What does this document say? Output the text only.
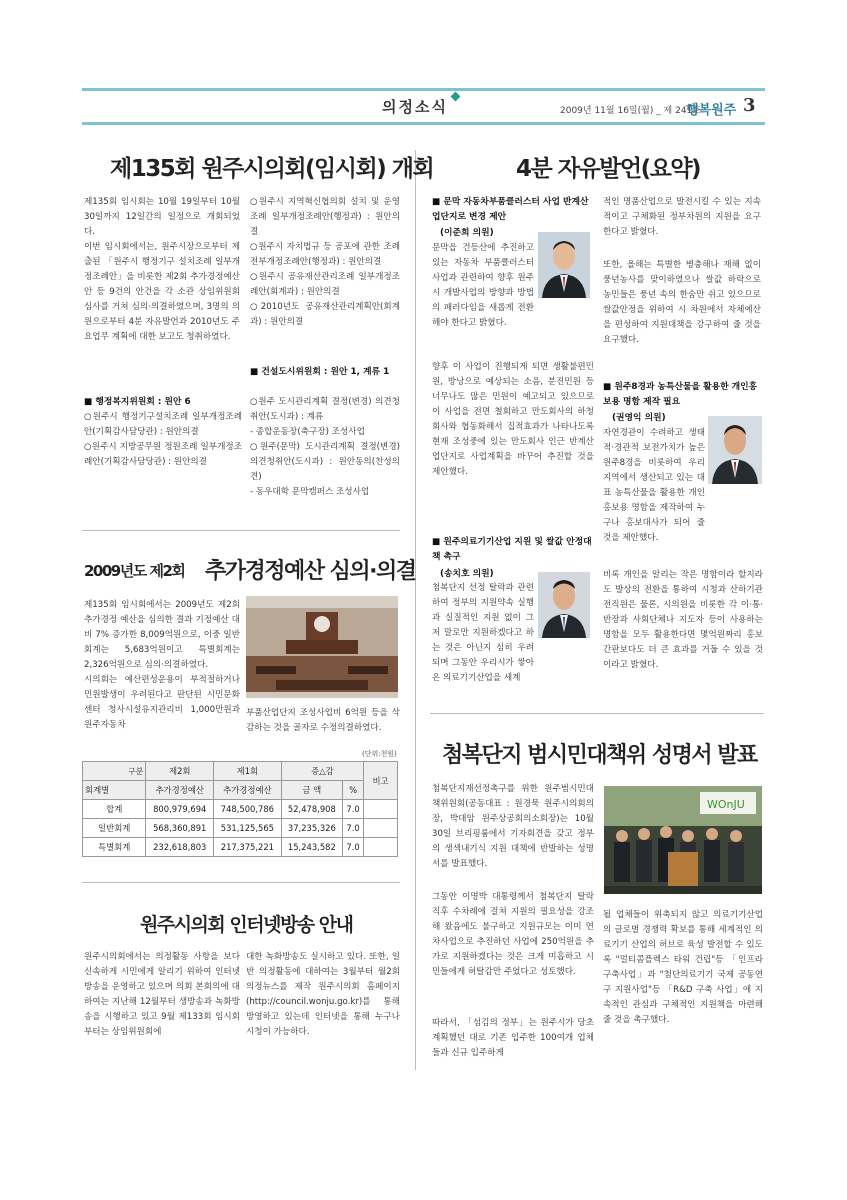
의정소식	2009년 11월 16일(월) _ 제 241호
행복원주 3
제135회 원주시의회(임시회) 개회

제135회 임시회는 10월 19일부터 10월 30일까지 12일간의 일정으로 개회되었다.

이번 임시회에서는, 원주시장으로부터 제출된 「원주시 행정기구 설치조례 일부개정조례안」을 비롯한 제2회 추가경정예산안 등 9건의 안건을 각 소관 상임위원회 심사를 거쳐 심의·의결하였으며, 3명의 의원으로부터 4분 자유발언과 2010년도 주요업무 계획에 대한 보고도 청취하였다.

■ 행정복지위원회 : 원안 6

○원주시 행정기구설치조례 일부개정조례안(기획감사담당관) : 원안의결

○원주시 지방공무원 정원조례 일부개정조례안(기획감사담당관) : 원안의결

○원주시 지역혁신협의회 설치 및 운영조례 일부개정조례안(행정과) : 원안의결

○원주시 자치법규 등 공포에 관한 조례 전부개정조례안(행정과) : 원안의결

○원주시 공유재산관리조례 일부개정조례안(회계과) : 원안의결

○2010년도 공유재산관리계획안(회계과) : 원안의결

■ 건설도시위원회 : 원안 1, 계류 1

○원주 도시관리계획 결정(변경) 의견청취안(도시과) : 계류

- 종합운동장(축구장) 조성사업

○원주(문막) 도시관리계획 결정(변경) 의견청취안(도시과) : 원안동의(찬성의견)

- 동우대학 문막캠퍼스 조성사업

2009년도 제2회 추가경정예산 심의·의결

제135회 임시회에서는 2009년도 제2회 추가경정 예산을 심의한 결과 기정예산 대비 7% 증가한 8,009억원으로, 이중 일반회계는 5,683억원이고 특별회계는 2,326억원으로 심의·의결하였다.

시의회는 예산편성운용이 부적절하거나 민원발생이 우려된다고 판단된 시민문화센터 청사시설유지관리비 1,000만원과 원주자동차

부품산업단지 조성사업비 6억원 등을 삭감하는 것을 골자로 수정의결하였다.
(단위:천원)
구분	제2회	제1회	증△감		비고
회계별	추가경정예산	추가경정예산	금 액	%	
합계	800,979,694	748,500,786	52,478,908	7.0	
일반회계	568,360,891	531,125,565	37,235,326	7.0	
특별회계	232,618,803	217,375,221	15,243,582	7.0	
원주시의회 인터넷방송 안내
원주시의회에서는 의정활동 사항을 보다 신속하게 시민에게 알리기 위하여 인터넷 방송을 운영하고 있으며 의회 본회의에 대하여는 지난해 12월부터 생방송과 녹화방송을 시행하고 있고 9월 제133회 임시회부터는 상임위원회에
대한 녹화방송도 실시하고 있다. 또한, 일반 의정활동에 대하여는 3월부터 월2회 의정뉴스를 제작 원주시의회 홈페이지(http://council.wonju.go.kr)를 통해 방영하고 있는데 인터넷을 통해 누구나 시청이 가능하다.
4분 자유발언(요약)
■ 문막 자동차부품클러스터 사업 반계산업단지로 변경 제안
(이준희 의원)
문막읍 건등산에 추진하고 있는 자동차 부품클러스터 사업과 관련하여 향후 원주시 개발사업의 방향과 방법의 패러다임을 새롭게 전환해야 한다고 밝혔다.
향후 이 사업이 진행되게 되면 생활불편민원, 방낭으로 예상되는 소음, 분진민원 등 너무나도 많은 민원이 예고되고 있으므로 이 사업을 전면 철회하고 만도회사의 하청회사와 협동화해서 집적효과가 나타나도록 현재 조성중에 있는 만도회사 인근 반계산업단지로 사업계획을 바꾸어 추진할 것을 제안했다.
■ 원주의료기기산업 지원 및 쌀값 안정대책 촉구
(송치호 의원)
첨복단지 선정 탈락과 관련하여 정부의 지원약속 실행과 실질적인 지원 없이 그저 말로만 지원하겠다고 하는 것은 아닌지 심히 우려되며 그동안 우리시가 쌓아온 의료기기산업을 세계
적인 명품산업으로 발전시킬 수 있는 지속적이고 구체화된 정부차원의 지원을 요구한다고 밝혔다.
또한, 올해는 특별한 병충해나 재해 없이 풍년농사를 맞이하였으나 쌀값 하락으로 농민들은 풍년 속의 한숨만 쉬고 있으므로 쌀값안정을 위하여 시 차원에서 자체예산을 편성하여 지원대책을 강구하여 줄 것을 요구했다.
■ 원주8경과 농특산물을 활용한 개인홍보용 명함 제작 필요
(권영익 의원)
자연경관이 수려하고 생태적·경관적 보전가치가 높은 원주8경을 비롯하여 우리지역에서 생산되고 있는 대표 농특산물을 활용한 개인홍보용 명함을 제작하여 누구나 홍보대사가 되어 줄 것을 제안했다.
비록 개인을 알리는 작은 명함이라 할지라도 발상의 전환을 통하여 시청과 산하기관 전직원은 물론, 시의원을 비롯한 각 이·통·반장과 사회단체나 지도자 등이 사용하는 명함을 모두 활용한다면 몇억원짜리 홍보간판보다도 더 큰 효과를 거둘 수 있을 것이라고 밝혔다.
첨복단지 범시민대책위 성명서 발표
첨복단지재선정촉구를 위한 원주범시민대책위원회(공동대표 : 원경묵 원주시의회의장, 박대암 원주상공회의소회장)는 10월 30일 브리핑룸에서 기자회견을 갖고 정부의 생색내기식 지원 대책에 반발하는 성명서를 발표했다.
WOnJU
그동안 이명박 대통령께서 첨복단지 탈락 직후 수차례에 걸쳐 지원의 필요성을 강조해 왔음에도 불구하고 지원규모는 이미 연차사업으로 추진하던 사업에 250억원을 추가로 지원하겠다는 것은 크게 미흡하고 시민들에게 허탈감만 주었다고 성토했다.
따라서, 「섬김의 정부」는 원주시가 당초 계획했던 대로 기존 입주한 100여개 업체들과 신규 입주하게
될 업체들이 위축되지 않고 의료기기산업의 글로벌 경쟁력 확보를 통해 세계적인 의료기기 산업의 허브로 육성 발전할 수 있도록 "멀티콤플렉스 타워 건립"등 「인프라 구축사업」과 "첨단의료기기 국제 공동연구 지원사업"등 「R&D 구축 사업」에 지속적인 관심과 구체적인 지원책을 마련해 줄 것을 촉구했다.
